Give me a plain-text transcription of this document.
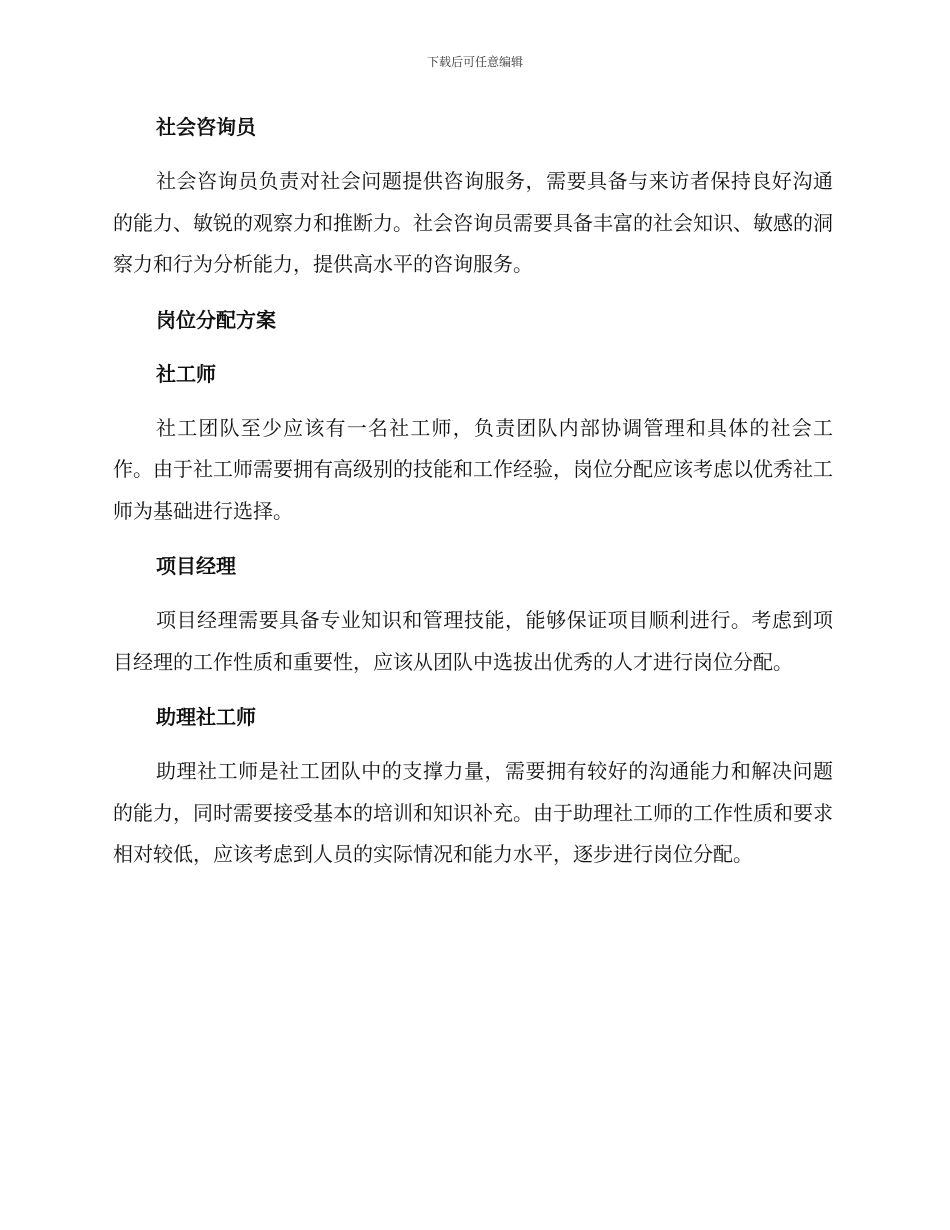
下载后可任意编辑
社会咨询员

社会咨询员负责对社会问题提供咨询服务，需要具备与来访者保持良好沟通的能力、敏锐的观察力和推断力。社会咨询员需要具备丰富的社会知识、敏感的洞察力和行为分析能力，提供高水平的咨询服务。

岗位分配方案
社工师

社工团队至少应该有一名社工师，负责团队内部协调管理和具体的社会工作。由于社工师需要拥有高级别的技能和工作经验，岗位分配应该考虑以优秀社工师为基础进行选择。

项目经理

项目经理需要具备专业知识和管理技能，能够保证项目顺利进行。考虑到项目经理的工作性质和重要性，应该从团队中选拔出优秀的人才进行岗位分配。

助理社工师

助理社工师是社工团队中的支撑力量，需要拥有较好的沟通能力和解决问题的能力，同时需要接受基本的培训和知识补充。由于助理社工师的工作性质和要求相对较低，应该考虑到人员的实际情况和能力水平，逐步进行岗位分配。
